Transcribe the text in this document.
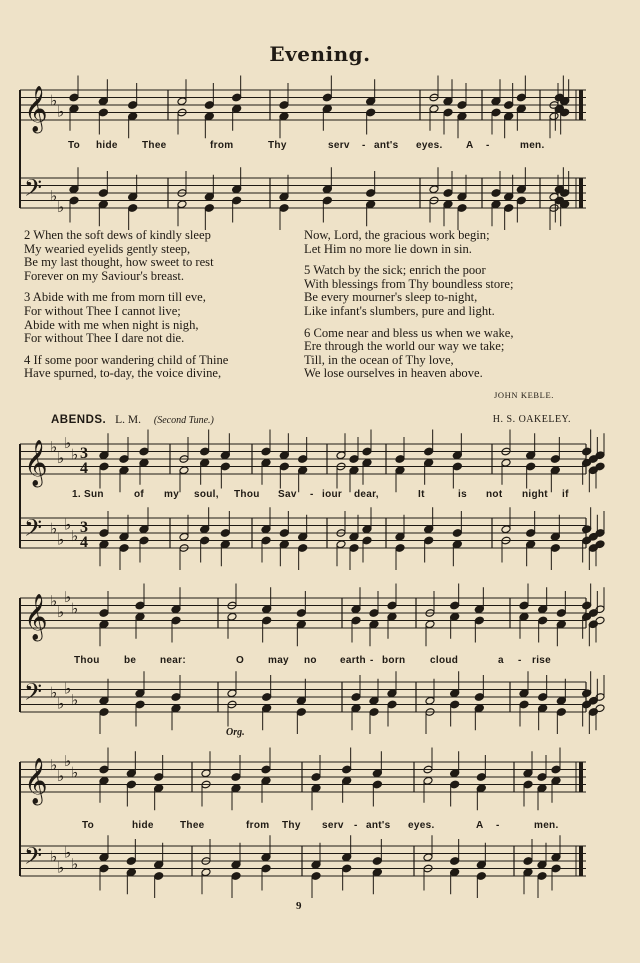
Evening.
𝄞 ♭
♭
𝄢 ♭
♭
To hide Thee	from	Thy	serv - ant's eyes. A -	men.

2 When the soft dews of kindly sleep
My wearied eyelids gently steep,
Be my last thought, how sweet to rest
Forever on my Saviour's breast.

3 Abide with me from morn till eve,
For without Thee I cannot live;
Abide with me when night is nigh,
For without Thee I dare not die.

4 If some poor wandering child of Thine
Have spurned, to-day, the voice divine,

Now, Lord, the gracious work begin;
Let Him no more lie down in sin.

5 Watch by the sick; enrich the poor
With blessings from Thy boundless store;
Be every mourner's sleep to-night,
Like infant's slumbers, pure and light.

6 Come near and bless us when we wake,
Ere through the world our way we take;
Till, in the ocean of Thy love,
We lose ourselves in heaven above.

JOHN KEBLE.
ABENDS. L. M. (Second Tune.)	H. S. OAKELEY.
𝄞 ♭
♭
♭
♭ 3
4
𝄢 ♭
♭
♭
♭ 3
4
1. Sun	of my soul, Thou Sav - iour dear,	It	is not night if
𝄞 ♭
♭
♭
♭
𝄢 ♭
♭
♭
♭
Thou be near:	O may no earth - born cloud	a - rise
Org.
𝄞 ♭
♭
♭
♭
𝄢 ♭
♭
♭
♭
To	hide	Thee	from Thy serv - ant's eyes.	A -	men.
9
